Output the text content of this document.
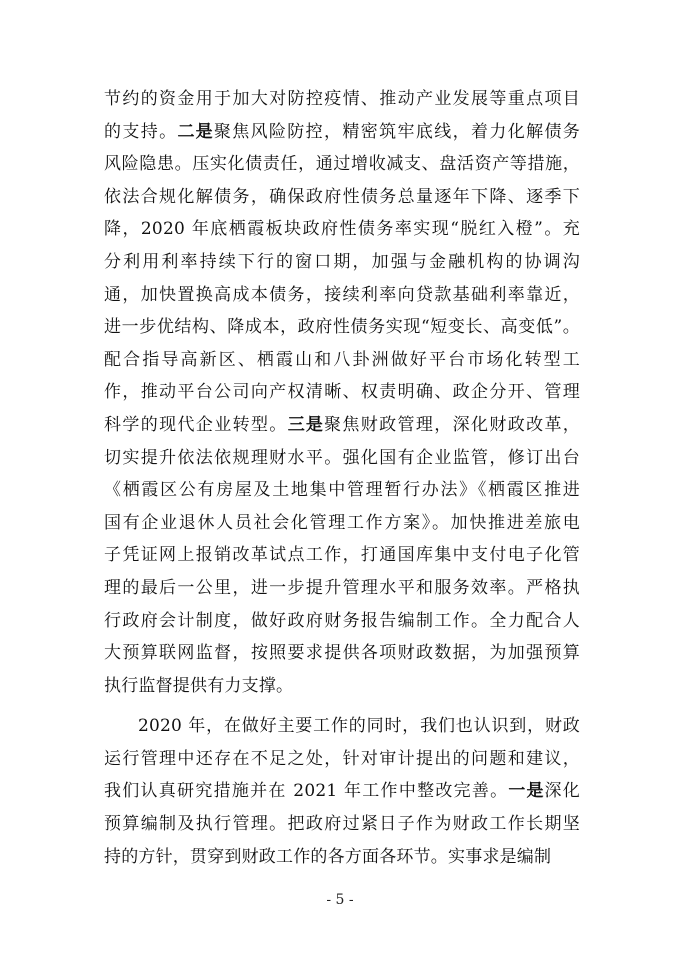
节约的资金用于加大对防控疫情、推动产业发展等重点项目
的支持。二是聚焦风险防控，精密筑牢底线，着力化解债务
风险隐患。压实化债责任，通过增收减支、盘活资产等措施，
依法合规化解债务，确保政府性债务总量逐年下降、逐季下
降，2020 年底栖霞板块政府性债务率实现“脱红入橙”。充
分利用利率持续下行的窗口期，加强与金融机构的协调沟
通，加快置换高成本债务，接续利率向贷款基础利率靠近，
进一步优结构、降成本，政府性债务实现“短变长、高变低”。
配合指导高新区、栖霞山和八卦洲做好平台市场化转型工
作，推动平台公司向产权清晰、权责明确、政企分开、管理
科学的现代企业转型。三是聚焦财政管理，深化财政改革，
切实提升依法依规理财水平。强化国有企业监管，修订出台
《栖霞区公有房屋及土地集中管理暂行办法》《栖霞区推进
国有企业退休人员社会化管理工作方案》。加快推进差旅电
子凭证网上报销改革试点工作，打通国库集中支付电子化管
理的最后一公里，进一步提升管理水平和服务效率。严格执
行政府会计制度，做好政府财务报告编制工作。全力配合人
大预算联网监督，按照要求提供各项财政数据，为加强预算
执行监督提供有力支撑。

2020 年，在做好主要工作的同时，我们也认识到，财政
运行管理中还存在不足之处，针对审计提出的问题和建议，
我们认真研究措施并在 2021 年工作中整改完善。一是深化
预算编制及执行管理。把政府过紧日子作为财政工作长期坚
持的方针，贯穿到财政工作的各方面各环节。实事求是编制

- 5 -
